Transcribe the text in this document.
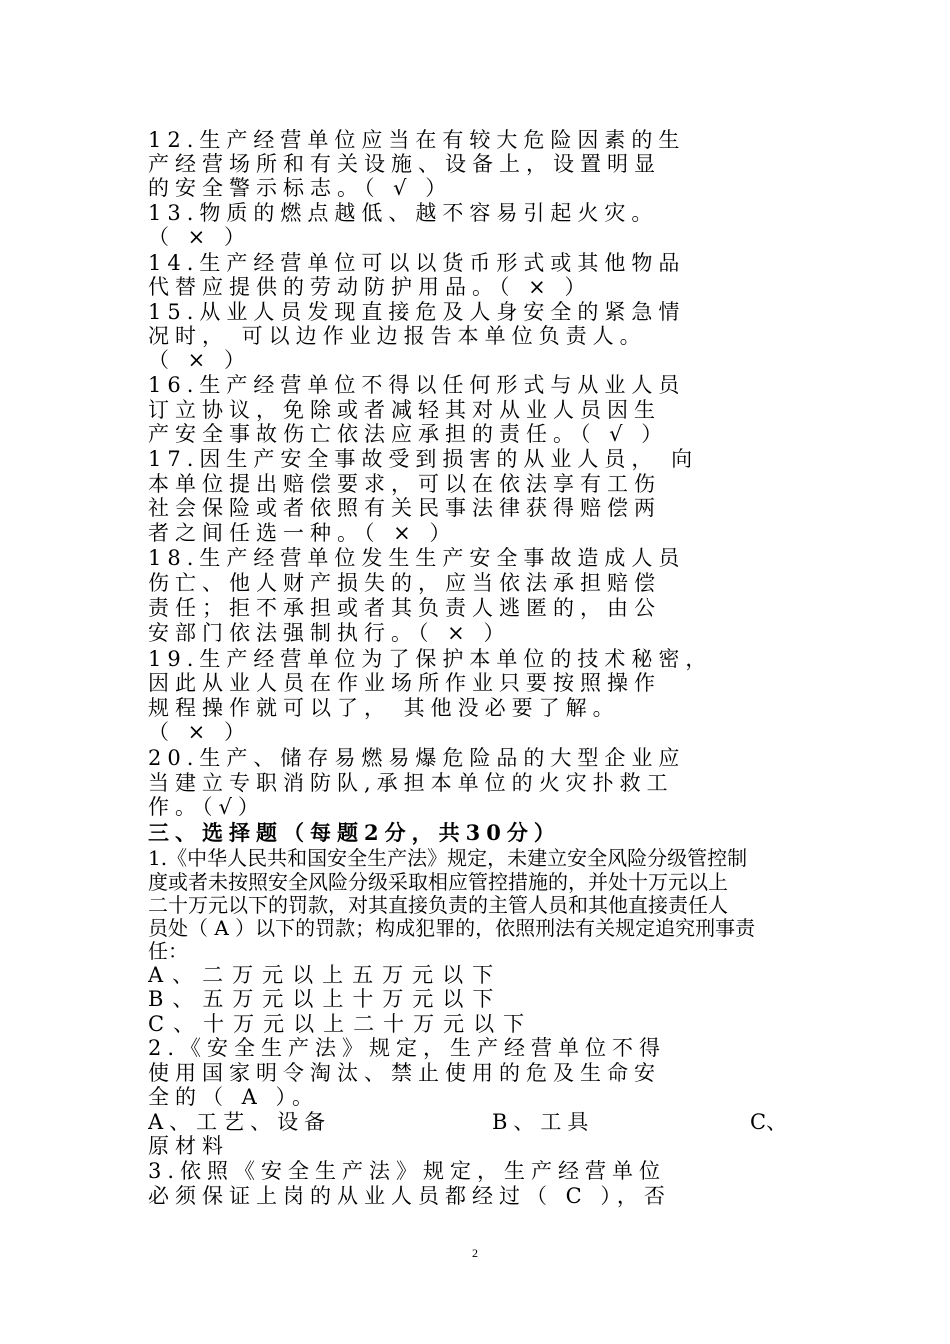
12.生产经营单位应当在有较大危险因素的生
产经营场所和有关设施、设备上，设置明显
的安全警示标志。（ √ ）
13.物质的燃点越低、越不容易引起火灾。
（ × ）
14.生产经营单位可以以货币形式或其他物品
代替应提供的劳动防护用品。（ × ）
15.从业人员发现直接危及人身安全的紧急情
况时， 可以边作业边报告本单位负责人。
（ × ）
16.生产经营单位不得以任何形式与从业人员
订立协议，免除或者减轻其对从业人员因生
产安全事故伤亡依法应承担的责任。（ √ ）
17.因生产安全事故受到损害的从业人员， 向
本单位提出赔偿要求，可以在依法享有工伤
社会保险或者依照有关民事法律获得赔偿两
者之间任选一种。（ × ）
18.生产经营单位发生生产安全事故造成人员
伤亡、他人财产损失的，应当依法承担赔偿
责任；拒不承担或者其负责人逃匿的，由公
安部门依法强制执行。（ × ）
19.生产经营单位为了保护本单位的技术秘密，
因此从业人员在作业场所作业只要按照操作
规程操作就可以了， 其他没必要了解。
（ × ）
20.生产、储存易燃易爆危险品的大型企业应
当建立专职消防队,承担本单位的火灾扑救工
作。（√）
三、选择题（每题2分，共30分）
1.《中华人民共和国安全生产法》规定，未建立安全风险分级管控制
度或者未按照安全风险分级采取相应管控措施的，并处十万元以上
二十万元以下的罚款，对其直接负责的主管人员和其他直接责任人
员处（ A ）以下的罚款；构成犯罪的，依照刑法有关规定追究刑事责
任：
A、二万元以上五万元以下
B、五万元以上十万元以下
C、十万元以上二十万元以下
2.《安全生产法》规定，生产经营单位不得
使用国家明令淘汰、禁止使用的危及生命安
全的（ A ）。
A、工艺、设备	B、工具	C、
原材料
3.依照《安全生产法》规定，生产经营单位
必须保证上岗的从业人员都经过（ C ），否
2
